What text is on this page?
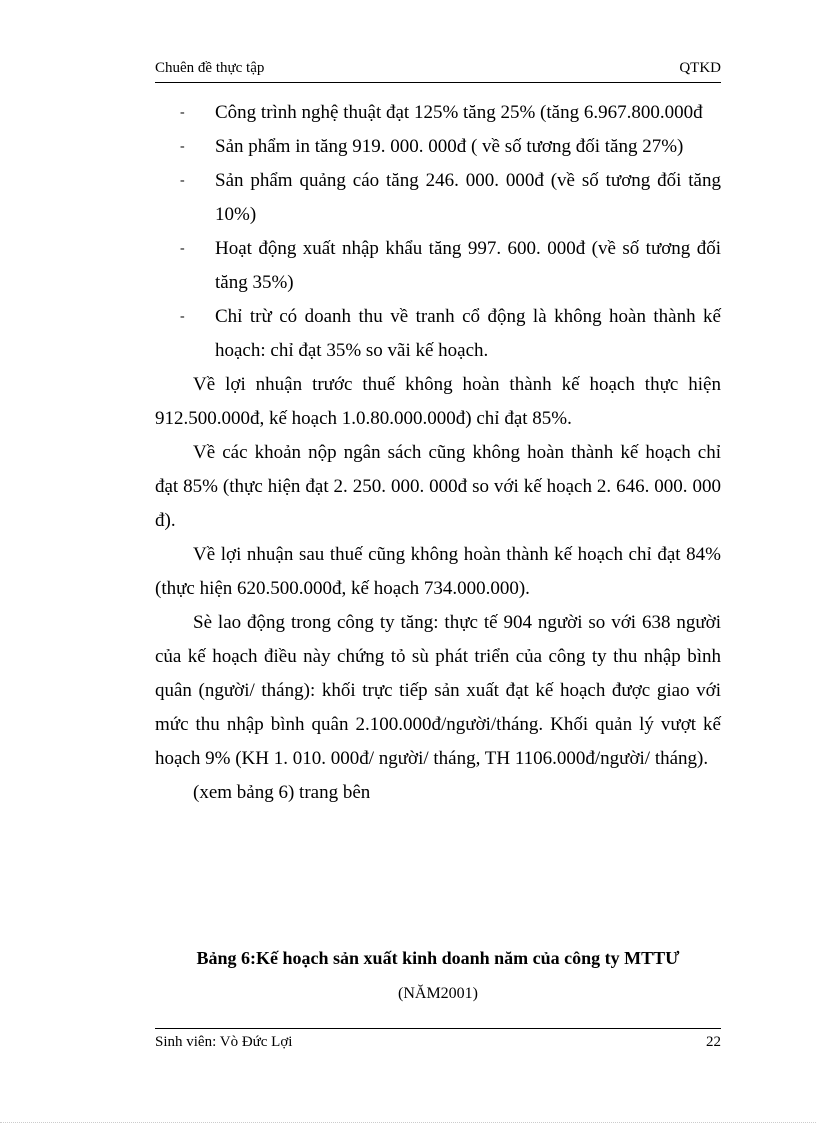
Chuên đề thực tập	QTKD
- Công trình nghệ thuật đạt 125% tăng 25% (tăng 6.967.800.000đ
- Sản phẩm in tăng 919. 000. 000đ ( về số tương đối tăng 27%)
- Sản phẩm quảng cáo tăng 246. 000. 000đ (về số tương đối tăng 10%)
- Hoạt động xuất nhập khẩu tăng 997. 600. 000đ (về số tương đối tăng 35%)
- Chỉ trừ có doanh thu về tranh cổ động là không hoàn thành kế hoạch: chỉ đạt 35% so vãi kế hoạch.
Về lợi nhuận trước thuế không hoàn thành kế hoạch thực hiện 912.500.000đ, kế hoạch 1.0.80.000.000đ) chỉ đạt 85%.
Về các khoản nộp ngân sách cũng không hoàn thành kế hoạch chỉ đạt 85% (thực hiện đạt 2. 250. 000. 000đ so với kế hoạch 2. 646. 000. 000 đ).
Về lợi nhuận sau thuế cũng không hoàn thành kế hoạch chỉ đạt 84% (thực hiện 620.500.000đ, kế hoạch 734.000.000).
Sè lao động trong công ty tăng: thực tế 904 người so với 638 người của kế hoạch điều này chứng tỏ sù phát triển của công ty thu nhập bình quân (người/ tháng): khối trực tiếp sản xuất đạt kế hoạch được giao với mức thu nhập bình quân 2.100.000đ/người/tháng. Khối quản lý vượt kế hoạch 9% (KH 1. 010. 000đ/ người/ tháng, TH 1106.000đ/người/ tháng).
(xem bảng 6) trang bên
Bảng 6:Kế hoạch sản xuất kinh doanh năm của công ty MTTƯ
(NĂM2001)
Sinh viên: Vò Đức Lợi	22
